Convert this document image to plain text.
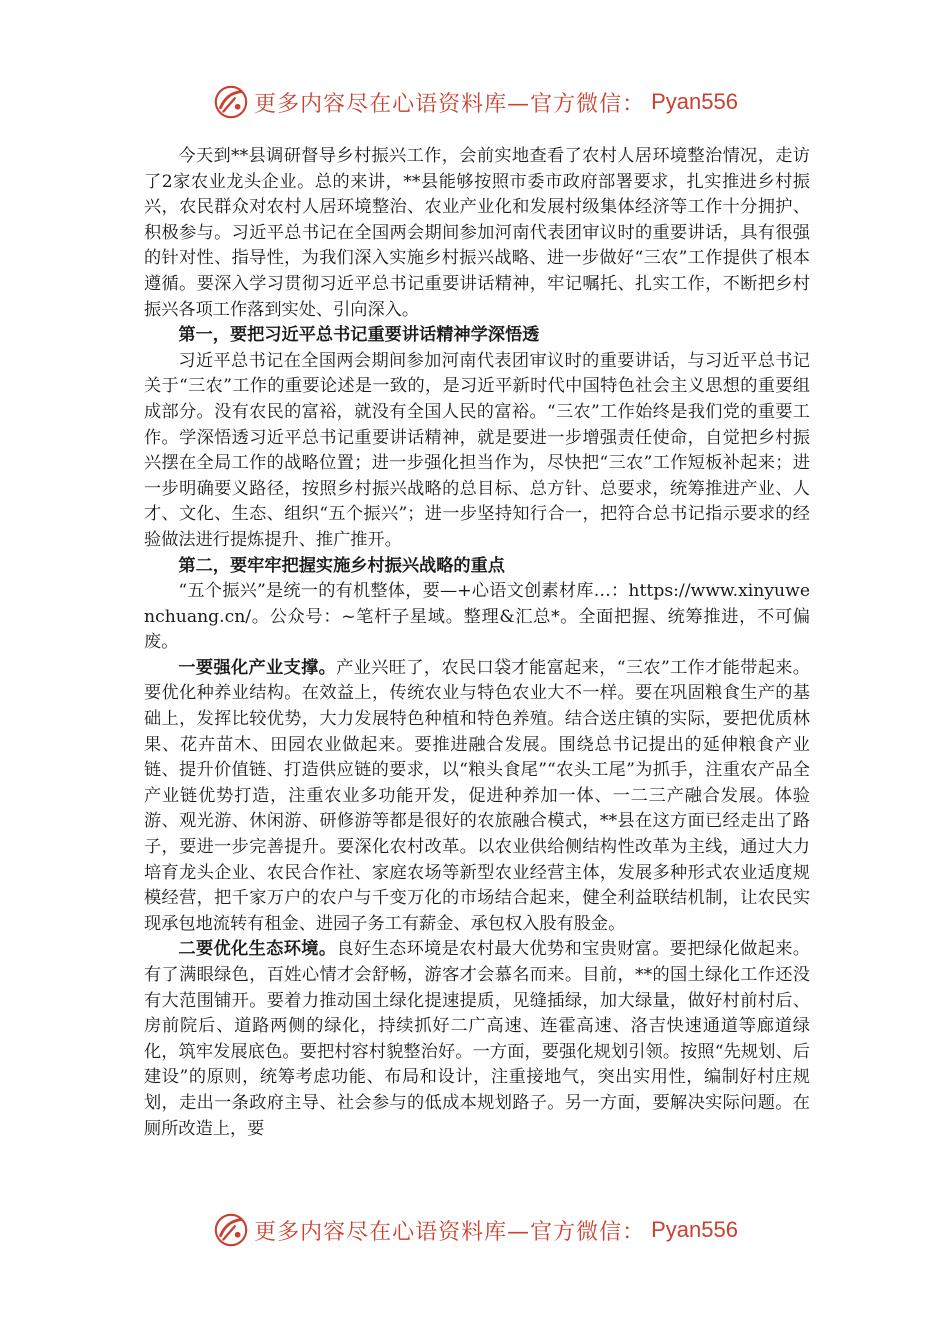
更多内容尽在心语资料库—官方微信： Pyan556

今天到**县调研督导乡村振兴工作，会前实地查看了农村人居环境整治情况，走访了2家农业龙头企业。总的来讲，**县能够按照市委市政府部署要求，扎实推进乡村振兴，农民群众对农村人居环境整治、农业产业化和发展村级集体经济等工作十分拥护、积极参与。习近平总书记在全国两会期间参加河南代表团审议时的重要讲话，具有很强的针对性、指导性，为我们深入实施乡村振兴战略、进一步做好“三农”工作提供了根本遵循。要深入学习贯彻习近平总书记重要讲话精神，牢记嘱托、扎实工作，不断把乡村振兴各项工作落到实处、引向深入。

第一，要把习近平总书记重要讲话精神学深悟透

习近平总书记在全国两会期间参加河南代表团审议时的重要讲话，与习近平总书记关于“三农”工作的重要论述是一致的，是习近平新时代中国特色社会主义思想的重要组成部分。没有农民的富裕，就没有全国人民的富裕。“三农”工作始终是我们党的重要工作。学深悟透习近平总书记重要讲话精神，就是要进一步增强责任使命，自觉把乡村振兴摆在全局工作的战略位置；进一步强化担当作为，尽快把“三农”工作短板补起来；进一步明确要义路径，按照乡村振兴战略的总目标、总方针、总要求，统筹推进产业、人才、文化、生态、组织“五个振兴”；进一步坚持知行合一，把符合总书记指示要求的经验做法进行提炼提升、推广推开。

第二，要牢牢把握实施乡村振兴战略的重点

“五个振兴”是统一的有机整体，要—+心语文创素材库…：https://www.xinyuwenchuang.cn/。公众号：~笔杆子星域。整理&汇总*。全面把握、统筹推进，不可偏废。

一要强化产业支撑。产业兴旺了，农民口袋才能富起来，“三农”工作才能带起来。要优化种养业结构。在效益上，传统农业与特色农业大不一样。要在巩固粮食生产的基础上，发挥比较优势，大力发展特色种植和特色养殖。结合送庄镇的实际，要把优质林果、花卉苗木、田园农业做起来。要推进融合发展。围绕总书记提出的延伸粮食产业链、提升价值链、打造供应链的要求，以“粮头食尾”“农头工尾”为抓手，注重农产品全产业链优势打造，注重农业多功能开发，促进种养加一体、一二三产融合发展。体验游、观光游、休闲游、研修游等都是很好的农旅融合模式，**县在这方面已经走出了路子，要进一步完善提升。要深化农村改革。以农业供给侧结构性改革为主线，通过大力培育龙头企业、农民合作社、家庭农场等新型农业经营主体，发展多种形式农业适度规模经营，把千家万户的农户与千变万化的市场结合起来，健全利益联结机制，让农民实现承包地流转有租金、进园子务工有薪金、承包权入股有股金。

二要优化生态环境。良好生态环境是农村最大优势和宝贵财富。要把绿化做起来。有了满眼绿色，百姓心情才会舒畅，游客才会慕名而来。目前，**的国土绿化工作还没有大范围铺开。要着力推动国土绿化提速提质，见缝插绿，加大绿量，做好村前村后、房前院后、道路两侧的绿化，持续抓好二广高速、连霍高速、洛吉快速通道等廊道绿化，筑牢发展底色。要把村容村貌整治好。一方面，要强化规划引领。按照“先规划、后建设”的原则，统筹考虑功能、布局和设计，注重接地气，突出实用性，编制好村庄规划，走出一条政府主导、社会参与的低成本规划路子。另一方面，要解决实际问题。在厕所改造上，要

更多内容尽在心语资料库—官方微信： Pyan556
